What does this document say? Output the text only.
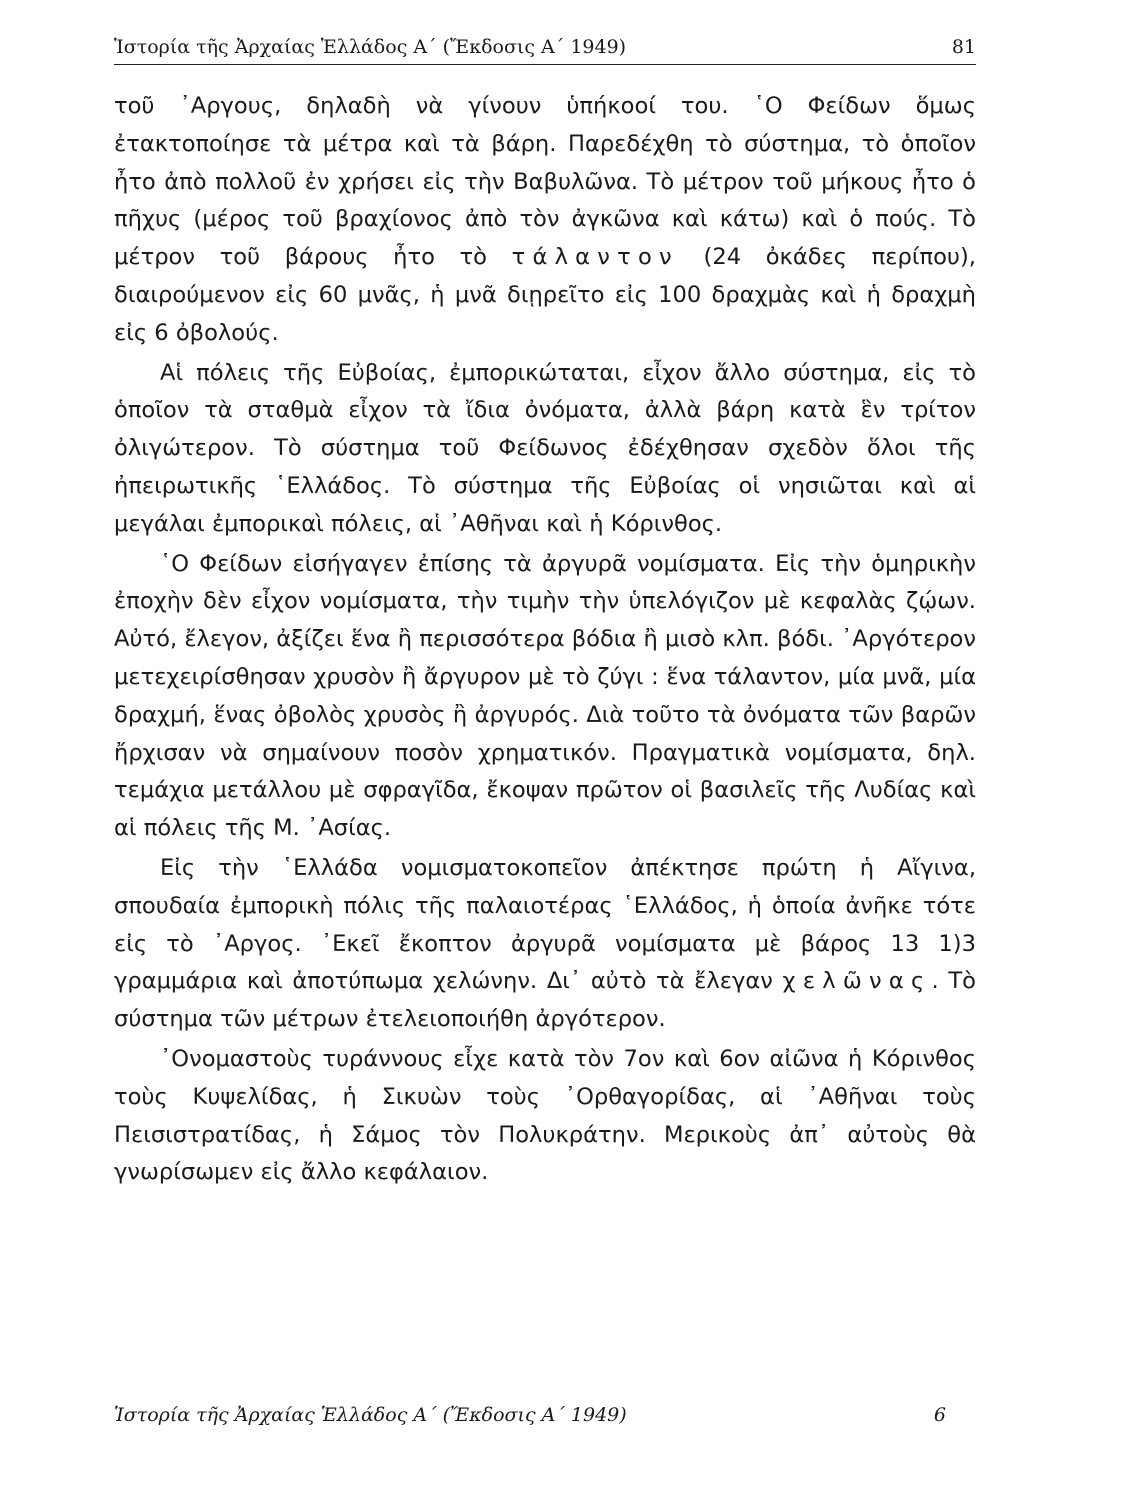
Ἱστορία τῆς Ἀρχαίας Ἑλλάδος Α΄ (Ἔκδοσις Α΄ 1949)	81

τοῦ ᾿Αργους, δηλαδὴ νὰ γίνουν ὑπήκοοί του. ῾Ο Φείδων ὅμως ἐτακτοποίησε τὰ μέτρα καὶ τὰ βάρη. Παρεδέχθη τὸ σύστημα, τὸ ὁποῖον ἦτο ἀπὸ πολλοῦ ἐν χρήσει εἰς τὴν Βαβυλῶνα. Τὸ μέτρον τοῦ μήκους ἦτο ὁ πῆχυς (μέρος τοῦ βραχίονος ἀπὸ τὸν ἀγκῶνα καὶ κάτω) καὶ ὁ πούς. Τὸ μέτρον τοῦ βάρους ἦτο τὸ τάλαντον (24 ὀκάδες περίπου), διαιρούμενον εἰς 60 μνᾶς, ἡ μνᾶ διῃρεῖτο εἰς 100 δραχμὰς καὶ ἡ δραχμὴ εἰς 6 ὀβολούς.

Αἱ πόλεις τῆς Εὐβοίας, ἐμπορικώταται, εἶχον ἄλλο σύστημα, εἰς τὸ ὁποῖον τὰ σταθμὰ εἶχον τὰ ἴδια ὀνόματα, ἀλλὰ βάρη κατὰ ἓν τρίτον ὀλιγώτερον. Τὸ σύστημα τοῦ Φείδωνος ἐδέχθησαν σχεδὸν ὅλοι τῆς ἠπειρωτικῆς ῾Ελλάδος. Τὸ σύστημα τῆς Εὐβοίας οἱ νησιῶται καὶ αἱ μεγάλαι ἐμπορικαὶ πόλεις, αἱ ᾿Αθῆναι καὶ ἡ Κόρινθος.

῾Ο Φείδων εἰσήγαγεν ἐπίσης τὰ ἀργυρᾶ νομίσματα. Εἰς τὴν ὁμηρικὴν ἐποχὴν δὲν εἶχον νομίσματα, τὴν τιμὴν τὴν ὑπελόγιζον μὲ κεφαλὰς ζῴων. Αὐτό, ἔλεγον, ἀξίζει ἕνα ἢ περισσότερα βόδια ἢ μισὸ κλπ. βόδι. ᾿Αργότερον μετεχειρίσθησαν χρυσὸν ἢ ἄργυρον μὲ τὸ ζύγι : ἕνα τάλαντον, μία μνᾶ, μία δραχμή, ἕνας ὀβολὸς χρυσὸς ἢ ἀργυρός. Διὰ τοῦτο τὰ ὀνόματα τῶν βαρῶν ἤρχισαν νὰ σημαίνουν ποσὸν χρηματικόν. Πραγματικὰ νομίσματα, δηλ. τεμάχια μετάλλου μὲ σφραγῖδα, ἔκοψαν πρῶτον οἱ βασιλεῖς τῆς Λυδίας καὶ αἱ πόλεις τῆς Μ. ᾿Ασίας.

Εἰς τὴν ῾Ελλάδα νομισματοκοπεῖον ἀπέκτησε πρώτη ἡ Αἴγινα, σπουδαία ἐμπορικὴ πόλις τῆς παλαιοτέρας ῾Ελλάδος, ἡ ὁποία ἀνῆκε τότε εἰς τὸ ᾿Αργος. ᾿Εκεῖ ἔκοπτον ἀργυρᾶ νομίσματα μὲ βάρος 13 1)3 γραμμάρια καὶ ἀποτύπωμα χελώνην. Δι᾿ αὐτὸ τὰ ἔλεγαν χελῶνας. Τὸ σύστημα τῶν μέτρων ἐτελειοποιήθη ἀργότερον.

᾿Ονομαστοὺς τυράννους εἶχε κατὰ τὸν 7ον καὶ 6ον αἰῶνα ἡ Κόρινθος τοὺς Κυψελίδας, ἡ Σικυὼν τοὺς ᾿Ορθαγορίδας, αἱ ᾿Αθῆναι τοὺς Πεισιστρατίδας, ἡ Σάμος τὸν Πολυκράτην. Μερικοὺς ἀπ᾿ αὐτοὺς θὰ γνωρίσωμεν εἰς ἄλλο κεφάλαιον.

Ἱστορία τῆς Ἀρχαίας Ἑλλάδος Α΄ (Ἔκδοσις Α΄ 1949)	6
